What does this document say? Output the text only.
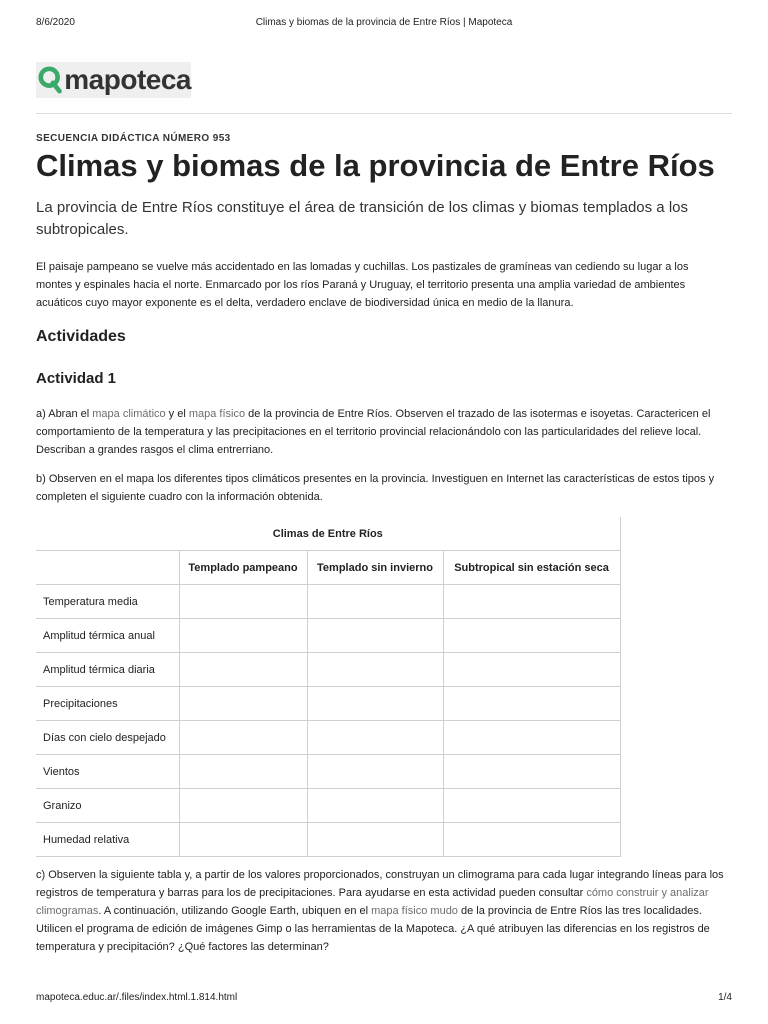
8/6/2020	Climas y biomas de la provincia de Entre Ríos | Mapoteca
mapoteca
SECUENCIA DIDÁCTICA NÚMERO 953
Climas y biomas de la provincia de Entre Ríos

La provincia de Entre Ríos constituye el área de transición de los climas y biomas templados a los subtropicales.

El paisaje pampeano se vuelve más accidentado en las lomadas y cuchillas. Los pastizales de gramíneas van cediendo su lugar a los montes y espinales hacia el norte. Enmarcado por los ríos Paraná y Uruguay, el territorio presenta una amplia variedad de ambientes acuáticos cuyo mayor exponente es el delta, verdadero enclave de biodiversidad única en medio de la llanura.

Actividades
Actividad 1

a) Abran el mapa climático y el mapa físico de la provincia de Entre Ríos. Observen el trazado de las isotermas e isoyetas. Caractericen el comportamiento de la temperatura y las precipitaciones en el territorio provincial relacionándolo con las particularidades del relieve local. Describan a grandes rasgos el clima entrerriano.

b) Observen en el mapa los diferentes tipos climáticos presentes en la provincia. Investiguen en Internet las características de estos tipos y completen el siguiente cuadro con la información obtenida.

Climas de Entre Ríos			
	Templado pampeano	Templado sin invierno	Subtropical sin estación seca
Temperatura media			
Amplitud térmica anual			
Amplitud térmica diaria			
Precipitaciones			
Días con cielo despejado			
Vientos			
Granizo			
Humedad relativa			

c) Observen la siguiente tabla y, a partir de los valores proporcionados, construyan un climograma para cada lugar integrando líneas para los registros de temperatura y barras para los de precipitaciones. Para ayudarse en esta actividad pueden consultar cómo construir y analizar climogramas. A continuación, utilizando Google Earth, ubiquen en el mapa físico mudo de la provincia de Entre Ríos las tres localidades. Utilicen el programa de edición de imágenes Gimp o las herramientas de la Mapoteca. ¿A qué atribuyen las diferencias en los registros de temperatura y precipitación? ¿Qué factores las determinan?

mapoteca.educ.ar/.files/index.html.1.814.html	1/4
